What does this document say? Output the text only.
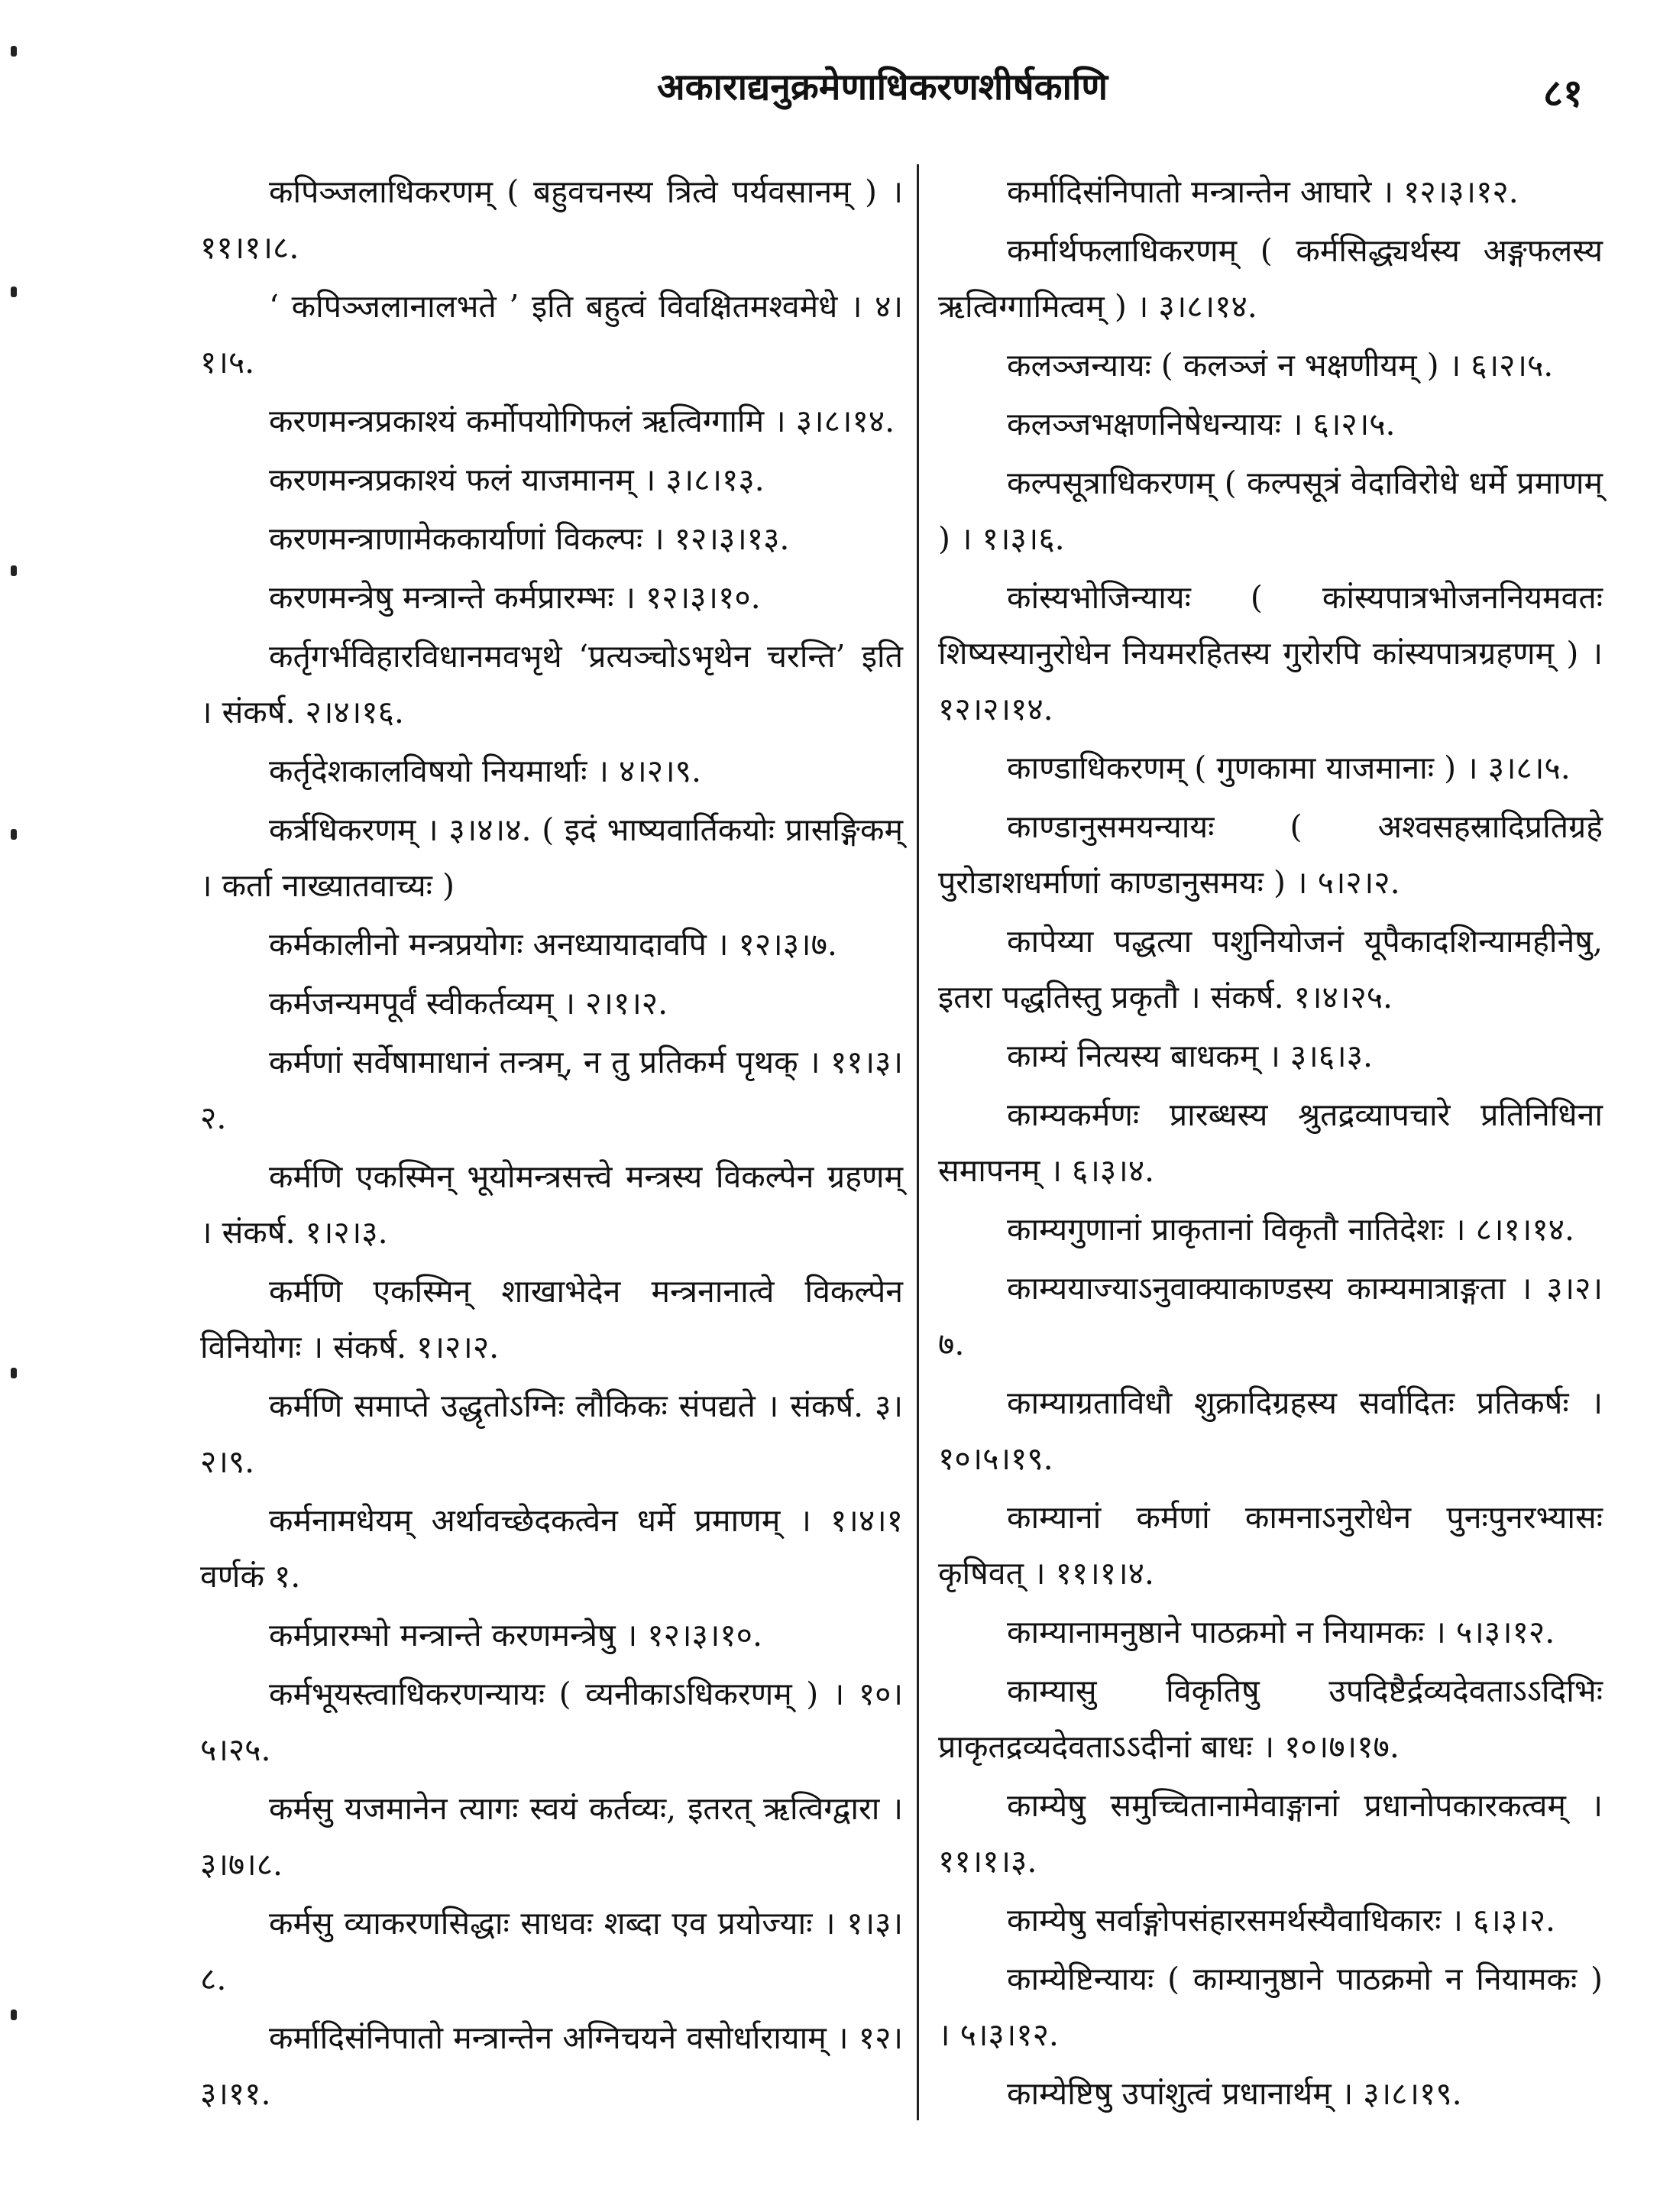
अकाराद्यनुक्रमेणाधिकरणशीर्षकाणि	८१

कपिञ्जलाधिकरणम् ( बहुवचनस्य त्रित्वे पर्यवसानम् ) । ११।१।८.

‘ कपिञ्जलानालभते ’ इति बहुत्वं विवक्षितमश्वमेधे । ४।१।५.

करणमन्त्रप्रकाश्यं कर्मोपयोगिफलं ऋत्विग्गामि । ३।८।१४.

करणमन्त्रप्रकाश्यं फलं याजमानम् । ३।८।१३.

करणमन्त्राणामेककार्याणां विकल्पः । १२।३।१३.

करणमन्त्रेषु मन्त्रान्ते कर्मप्रारम्भः । १२।३।१०.

कर्तृगर्भविहारविधानमवभृथे ‘प्रत्यञ्चोऽभृथेन चरन्ति’ इति । संकर्ष. २।४।१६.

कर्तृदेशकालविषयो नियमार्थाः । ४।२।९.

कर्त्रधिकरणम् । ३।४।४. ( इदं भाष्यवार्तिकयोः प्रासङ्गिकम् । कर्ता नाख्यातवाच्यः )

कर्मकालीनो मन्त्रप्रयोगः अनध्यायादावपि । १२।३।७.

कर्मजन्यमपूर्वं स्वीकर्तव्यम् । २।१।२.

कर्मणां सर्वेषामाधानं तन्त्रम्, न तु प्रतिकर्म पृथक् । ११।३।२.

कर्मणि एकस्मिन् भूयोमन्त्रसत्त्वे मन्त्रस्य विकल्पेन ग्रहणम् । संकर्ष. १।२।३.

कर्मणि एकस्मिन् शाखाभेदेन मन्त्रनानात्वे विकल्पेन विनियोगः । संकर्ष. १।२।२.

कर्मणि समाप्ते उद्धृतोऽग्निः लौकिकः संपद्यते । संकर्ष. ३।२।९.

कर्मनामधेयम् अर्थावच्छेदकत्वेन धर्मे प्रमाणम् । १।४।१ वर्णकं १.

कर्मप्रारम्भो मन्त्रान्ते करणमन्त्रेषु । १२।३।१०.

कर्मभूयस्त्वाधिकरणन्यायः ( व्यनीकाऽधिकरणम् ) । १०।५।२५.

कर्मसु यजमानेन त्यागः स्वयं कर्तव्यः, इतरत् ऋत्विग्द्वारा । ३।७।८.

कर्मसु व्याकरणसिद्धाः साधवः शब्दा एव प्रयोज्याः । १।३।८.

कर्मादिसंनिपातो मन्त्रान्तेन अग्निचयने वसोर्धारायाम् । १२।३।११.

कर्मादिसंनिपातो मन्त्रान्तेन आघारे । १२।३।१२.

कर्मार्थफलाधिकरणम् ( कर्मसिद्ध्यर्थस्य अङ्गफलस्य ऋत्विग्गामित्वम् ) । ३।८।१४.

कलञ्जन्यायः ( कलञ्जं न भक्षणीयम् ) । ६।२।५.

कलञ्जभक्षणनिषेधन्यायः । ६।२।५.

कल्पसूत्राधिकरणम् ( कल्पसूत्रं वेदाविरोधे धर्मे प्रमाणम् ) । १।३।६.

कांस्यभोजिन्यायः ( कांस्यपात्रभोजननियमवतः शिष्यस्यानुरोधेन नियमरहितस्य गुरोरपि कांस्यपात्रग्रहणम् ) । १२।२।१४.

काण्डाधिकरणम् ( गुणकामा याजमानाः ) । ३।८।५.

काण्डानुसमयन्यायः ( अश्वसहस्रादिप्रतिग्रहे पुरोडाशधर्माणां काण्डानुसमयः ) । ५।२।२.

कापेय्या पद्धत्या पशुनियोजनं यूपैकादशिन्यामहीनेषु, इतरा पद्धतिस्तु प्रकृतौ । संकर्ष. १।४।२५.

काम्यं नित्यस्य बाधकम् । ३।६।३.

काम्यकर्मणः प्रारब्धस्य श्रुतद्रव्यापचारे प्रतिनिधिना समापनम् । ६।३।४.

काम्यगुणानां प्राकृतानां विकृतौ नातिदेशः । ८।१।१४.

काम्ययाज्याऽनुवाक्याकाण्डस्य काम्यमात्राङ्गता । ३।२।७.

काम्याग्रताविधौ शुक्रादिग्रहस्य सर्वादितः प्रतिकर्षः । १०।५।१९.

काम्यानां कर्मणां कामनाऽनुरोधेन पुनःपुनरभ्यासः कृषिवत् । ११।१।४.

काम्यानामनुष्ठाने पाठक्रमो न नियामकः । ५।३।१२.

काम्यासु विकृतिषु उपदिष्टैर्द्रव्यदेवताऽऽदिभिः प्राकृतद्रव्यदेवताऽऽदीनां बाधः । १०।७।१७.

काम्येषु समुच्चितानामेवाङ्गानां प्रधानोपकारकत्वम् । ११।१।३.

काम्येषु सर्वाङ्गोपसंहारसमर्थस्यैवाधिकारः । ६।३।२.

काम्येष्टिन्यायः ( काम्यानुष्ठाने पाठक्रमो न नियामकः ) । ५।३।१२.

काम्येष्टिषु उपांशुत्वं प्रधानार्थम् । ३।८।१९.
